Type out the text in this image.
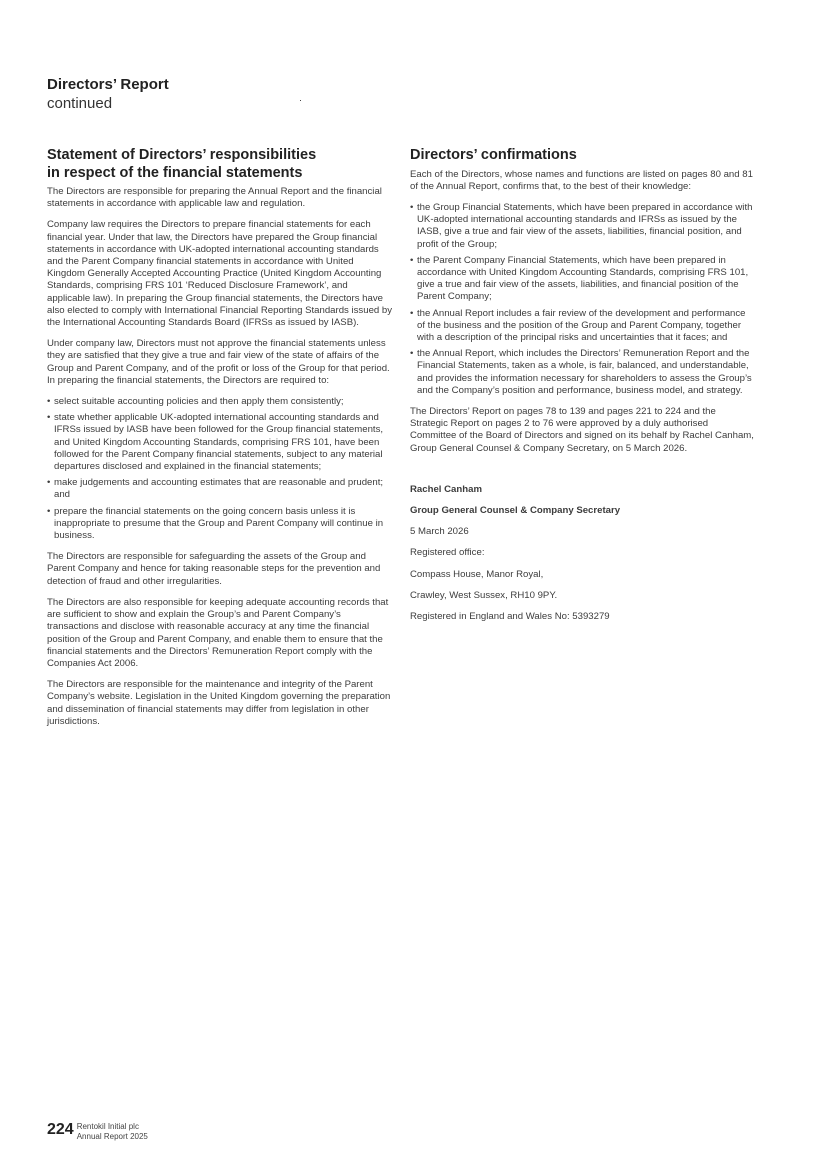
Directors’ Report
continued
Statement of Directors’ responsibilities
in respect of the financial statements

The Directors are responsible for preparing the Annual Report and the financial statements in accordance with applicable law and regulation.

Company law requires the Directors to prepare financial statements for each financial year. Under that law, the Directors have prepared the Group financial statements in accordance with UK-adopted international accounting standards and the Parent Company financial statements in accordance with United Kingdom Generally Accepted Accounting Practice (United Kingdom Accounting Standards, comprising FRS 101 ‘Reduced Disclosure Framework’, and applicable law). In preparing the Group financial statements, the Directors have also elected to comply with International Financial Reporting Standards issued by the International Accounting Standards Board (IFRSs as issued by IASB).

Under company law, Directors must not approve the financial statements unless they are satisfied that they give a true and fair view of the state of affairs of the Group and Parent Company, and of the profit or loss of the Group for that period. In preparing the financial statements, the Directors are required to:

• select suitable accounting policies and then apply them consistently;
• state whether applicable UK-adopted international accounting standards and IFRSs issued by IASB have been followed for the Group financial statements, and United Kingdom Accounting Standards, comprising FRS 101, have been followed for the Parent Company financial statements, subject to any material departures disclosed and explained in the financial statements;
• make judgements and accounting estimates that are reasonable and prudent; and
• prepare the financial statements on the going concern basis unless it is inappropriate to presume that the Group and Parent Company will continue in business.

The Directors are responsible for safeguarding the assets of the Group and Parent Company and hence for taking reasonable steps for the prevention and detection of fraud and other irregularities.

The Directors are also responsible for keeping adequate accounting records that are sufficient to show and explain the Group’s and Parent Company’s transactions and disclose with reasonable accuracy at any time the financial position of the Group and Parent Company, and enable them to ensure that the financial statements and the Directors’ Remuneration Report comply with the Companies Act 2006.

The Directors are responsible for the maintenance and integrity of the Parent Company’s website. Legislation in the United Kingdom governing the preparation and dissemination of financial statements may differ from legislation in other jurisdictions.

Directors’ confirmations

Each of the Directors, whose names and functions are listed on pages 80 and 81 of the Annual Report, confirms that, to the best of their knowledge:

• the Group Financial Statements, which have been prepared in accordance with UK-adopted international accounting standards and IFRSs as issued by the IASB, give a true and fair view of the assets, liabilities, financial position, and profit of the Group;
• the Parent Company Financial Statements, which have been prepared in accordance with United Kingdom Accounting Standards, comprising FRS 101, give a true and fair view of the assets, liabilities, and financial position of the Parent Company;
• the Annual Report includes a fair review of the development and performance of the business and the position of the Group and Parent Company, together with a description of the principal risks and uncertainties that it faces; and
• the Annual Report, which includes the Directors’ Remuneration Report and the Financial Statements, taken as a whole, is fair, balanced, and understandable, and provides the information necessary for shareholders to assess the Group’s and the Company’s position and performance, business model, and strategy.

The Directors’ Report on pages 78 to 139 and pages 221 to 224 and the Strategic Report on pages 2 to 76 were approved by a duly authorised Committee of the Board of Directors and signed on its behalf by Rachel Canham, Group General Counsel & Company Secretary, on 5 March 2026.

Rachel Canham

Group General Counsel & Company Secretary

5 March 2026

Registered office:

Compass House, Manor Royal,

Crawley, West Sussex, RH10 9PY.

Registered in England and Wales No: 5393279

224 Rentokil Initial plc
Annual Report 2025
